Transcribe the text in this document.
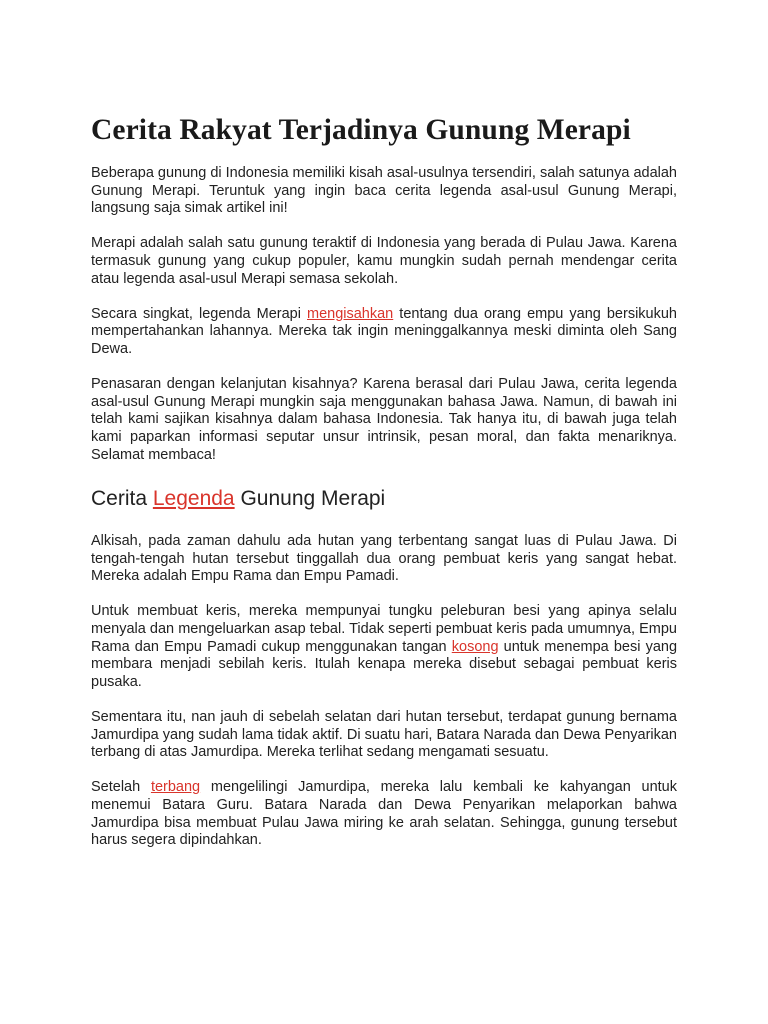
Cerita Rakyat Terjadinya Gunung Merapi

Beberapa gunung di Indonesia memiliki kisah asal-usulnya tersendiri, salah satunya adalah Gunung Merapi. Teruntuk yang ingin baca cerita legenda asal-usul Gunung Merapi, langsung saja simak artikel ini!

Merapi adalah salah satu gunung teraktif di Indonesia yang berada di Pulau Jawa. Karena termasuk gunung yang cukup populer, kamu mungkin sudah pernah mendengar cerita atau legenda asal-usul Merapi semasa sekolah.

Secara singkat, legenda Merapi mengisahkan tentang dua orang empu yang bersikukuh mempertahankan lahannya. Mereka tak ingin meninggalkannya meski diminta oleh Sang Dewa.

Penasaran dengan kelanjutan kisahnya? Karena berasal dari Pulau Jawa, cerita legenda asal-usul Gunung Merapi mungkin saja menggunakan bahasa Jawa. Namun, di bawah ini telah kami sajikan kisahnya dalam bahasa Indonesia. Tak hanya itu, di bawah juga telah kami paparkan informasi seputar unsur intrinsik, pesan moral, dan fakta menariknya. Selamat membaca!

Cerita Legenda Gunung Merapi

Alkisah, pada zaman dahulu ada hutan yang terbentang sangat luas di Pulau Jawa. Di tengah-tengah hutan tersebut tinggallah dua orang pembuat keris yang sangat hebat. Mereka adalah Empu Rama dan Empu Pamadi.

Untuk membuat keris, mereka mempunyai tungku peleburan besi yang apinya selalu menyala dan mengeluarkan asap tebal. Tidak seperti pembuat keris pada umumnya, Empu Rama dan Empu Pamadi cukup menggunakan tangan kosong untuk menempa besi yang membara menjadi sebilah keris. Itulah kenapa mereka disebut sebagai pembuat keris pusaka.

Sementara itu, nan jauh di sebelah selatan dari hutan tersebut, terdapat gunung bernama Jamurdipa yang sudah lama tidak aktif. Di suatu hari, Batara Narada dan Dewa Penyarikan terbang di atas Jamurdipa. Mereka terlihat sedang mengamati sesuatu.

Setelah terbang mengelilingi Jamurdipa, mereka lalu kembali ke kahyangan untuk menemui Batara Guru. Batara Narada dan Dewa Penyarikan melaporkan bahwa Jamurdipa bisa membuat Pulau Jawa miring ke arah selatan. Sehingga, gunung tersebut harus segera dipindahkan.
